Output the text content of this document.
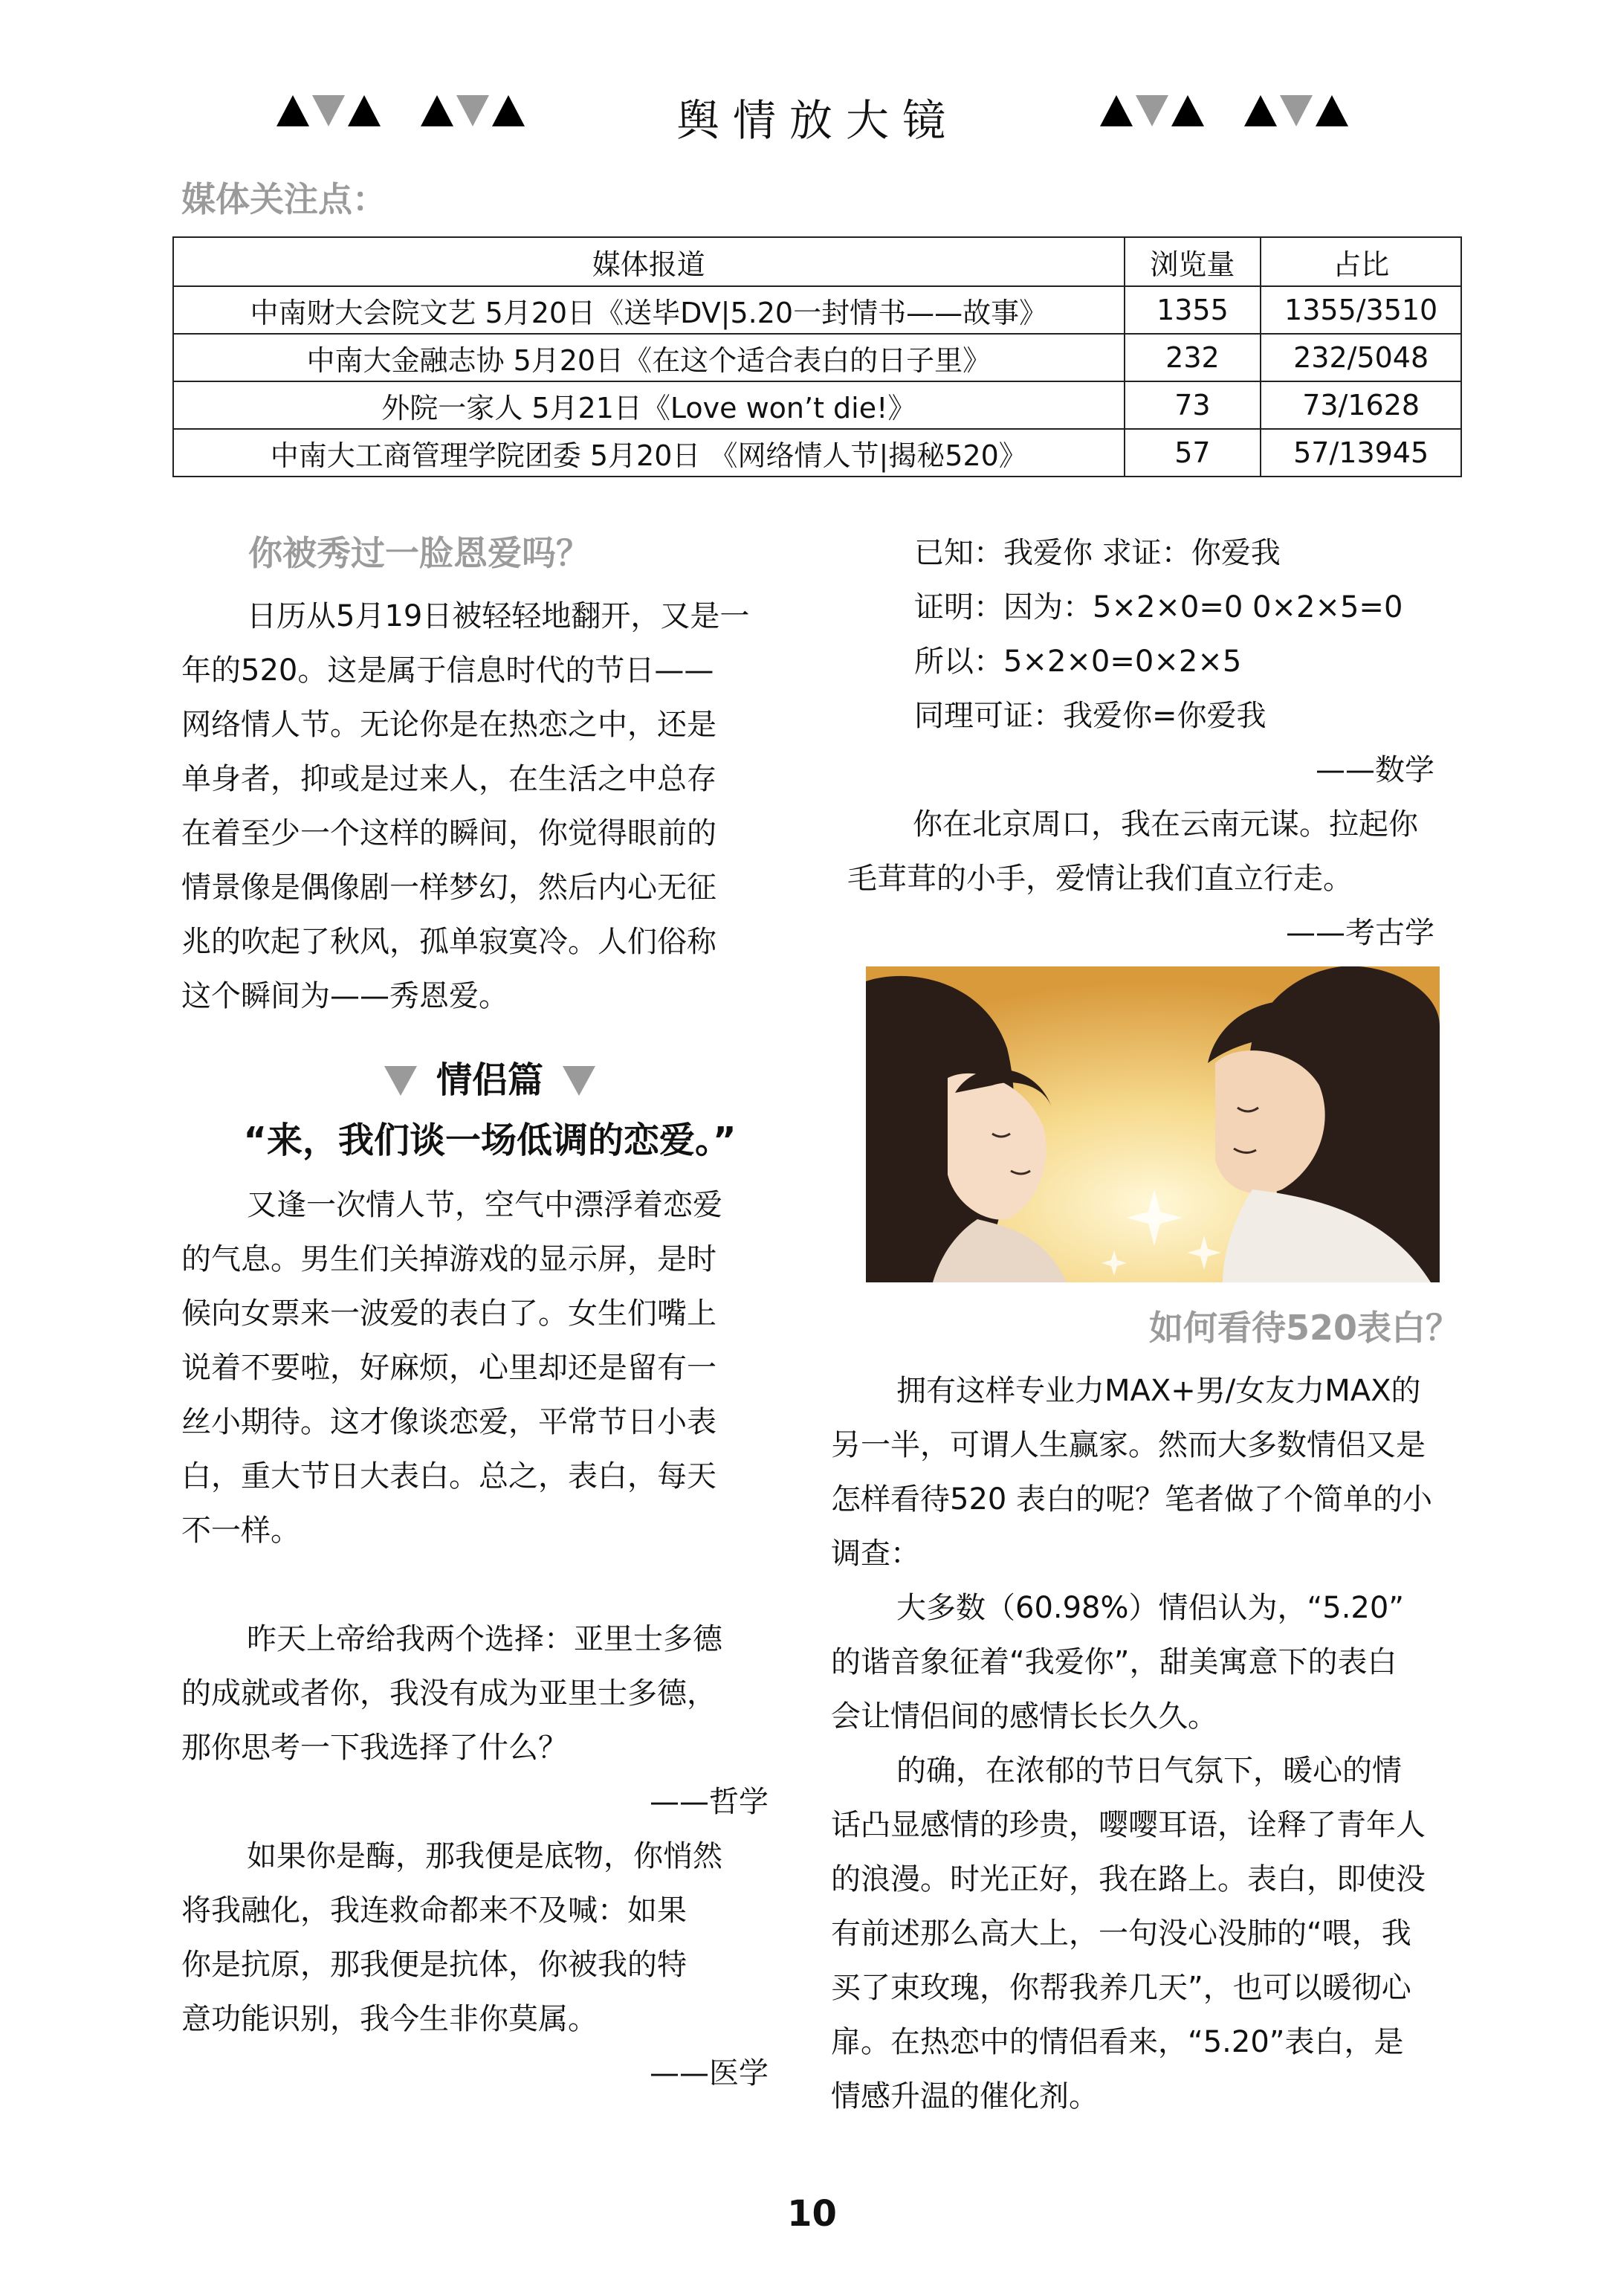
舆情放大镜
媒体关注点：
媒体报道	浏览量	占比
中南财大会院文艺 5月20日《送毕DV|5.20一封情书——故事》	1355	1355/3510
中南大金融志协 5月20日《在这个适合表白的日子里》	232	232/5048
外院一家人 5月21日《Love won’t die!》	73	73/1628
中南大工商管理学院团委 5月20日 《网络情人节|揭秘520》	57	57/13945

你被秀过一脸恩爱吗？

日历从5月19日被轻轻地翻开，又是一

年的520。这是属于信息时代的节日——

网络情人节。无论你是在热恋之中，还是

单身者，抑或是过来人，在生活之中总存

在着至少一个这样的瞬间，你觉得眼前的

情景像是偶像剧一样梦幻，然后内心无征

兆的吹起了秋风，孤单寂寞冷。人们俗称

这个瞬间为——秀恩爱。

情侣篇

“来，我们谈一场低调的恋爱。”

又逢一次情人节，空气中漂浮着恋爱

的气息。男生们关掉游戏的显示屏，是时

候向女票来一波爱的表白了。女生们嘴上

说着不要啦，好麻烦，心里却还是留有一

丝小期待。这才像谈恋爱，平常节日小表

白，重大节日大表白。总之，表白，每天

不一样。

昨天上帝给我两个选择：亚里士多德

的成就或者你，我没有成为亚里士多德，

那你思考一下我选择了什么？

——哲学

如果你是酶，那我便是底物，你悄然

将我融化，我连救命都来不及喊：如果

你是抗原，那我便是抗体，你被我的特

意功能识别，我今生非你莫属。

——医学

已知：我爱你 求证：你爱我

证明：因为：5×2×0=0 0×2×5=0

所以：5×2×0=0×2×5

同理可证：我爱你=你爱我

——数学

你在北京周口，我在云南元谋。拉起你

毛茸茸的小手，爱情让我们直立行走。

——考古学

如何看待520表白？

拥有这样专业力MAX+男/女友力MAX的

另一半，可谓人生赢家。然而大多数情侣又是

怎样看待520 表白的呢？笔者做了个简单的小

调查：

大多数（60.98%）情侣认为，“5.20”

的谐音象征着“我爱你”，甜美寓意下的表白

会让情侣间的感情长长久久。

的确，在浓郁的节日气氛下，暖心的情

话凸显感情的珍贵，嘤嘤耳语，诠释了青年人

的浪漫。时光正好，我在路上。表白，即使没

有前述那么高大上，一句没心没肺的“喂，我

买了束玫瑰，你帮我养几天”，也可以暖彻心

扉。在热恋中的情侣看来，“5.20”表白，是

情感升温的催化剂。

10
